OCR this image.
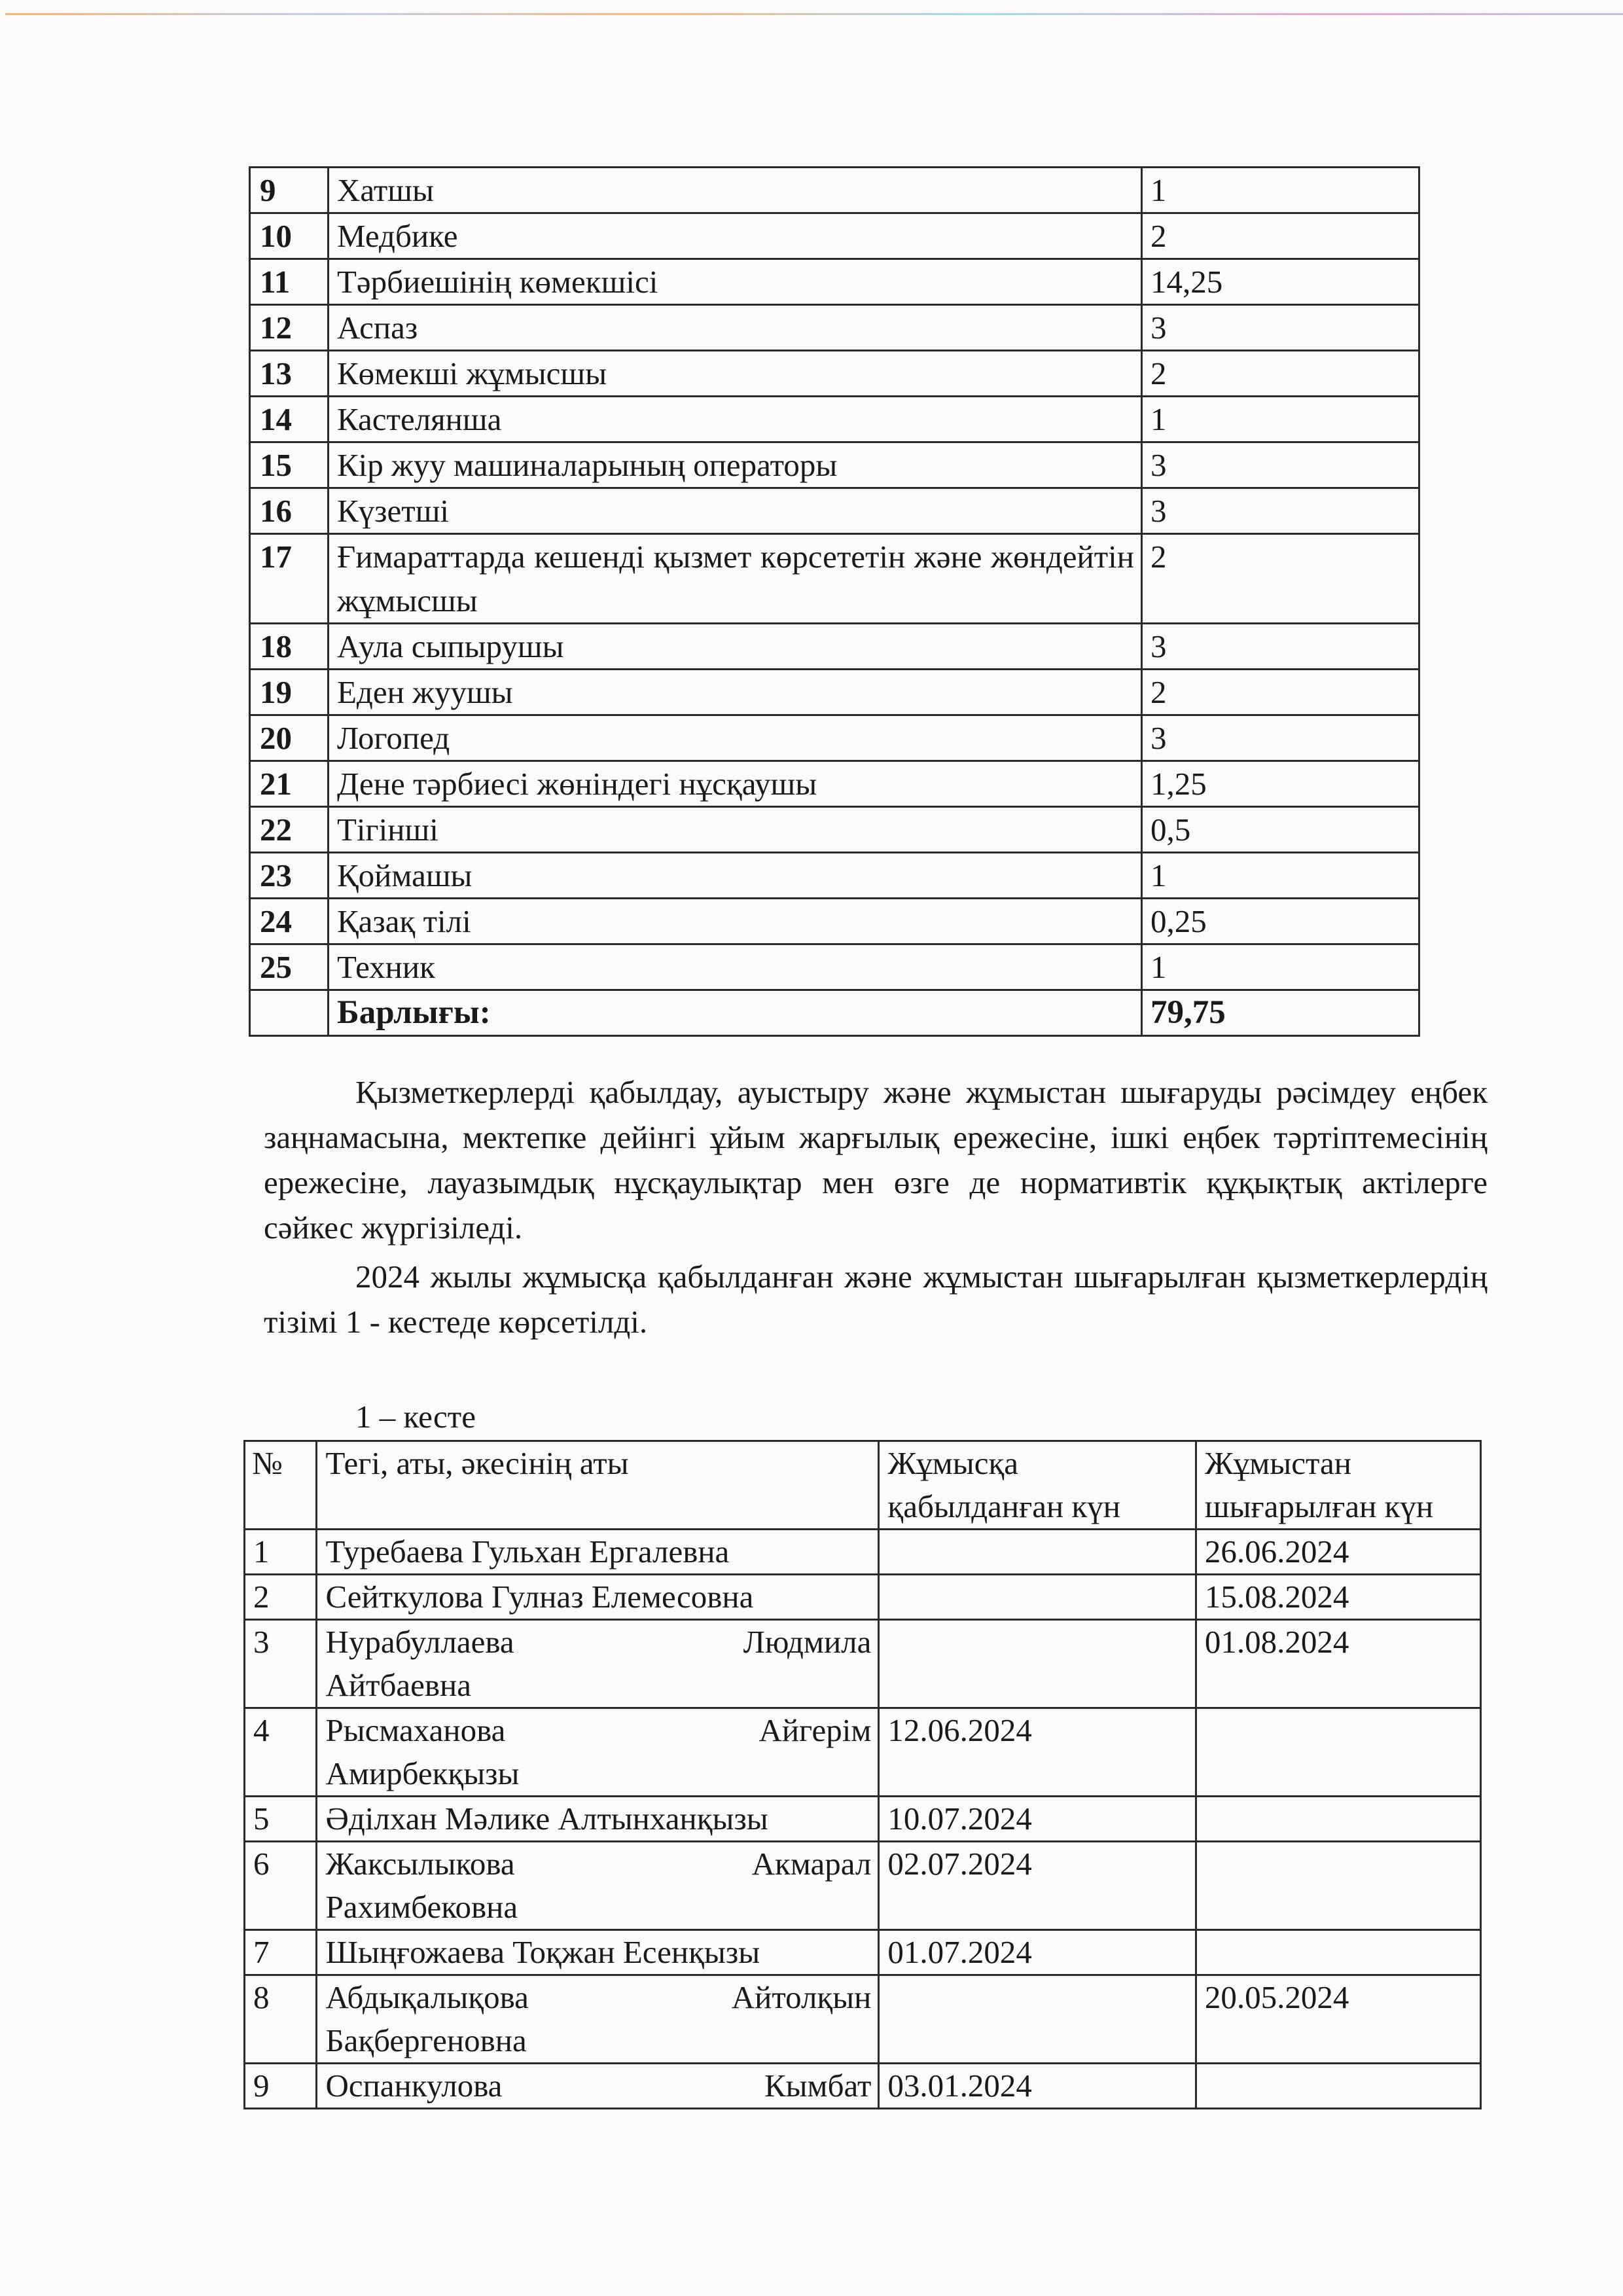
9	Хатшы	1
10	Медбике	2
11	Тәрбиешінің көмекшісі	14,25
12	Аспаз	3
13	Көмекші жұмысшы	2
14	Кастелянша	1
15	Кір жуу машиналарының операторы	3
16	Күзетші	3
17	Ғимараттарда кешенді қызмет көрсететін және жөндейтін жұмысшы	2
18	Аула сыпырушы	3
19	Еден жуушы	2
20	Логопед	3
21	Дене тәрбиесі жөніндегі нұсқаушы	1,25
22	Тігінші	0,5
23	Қоймашы	1
24	Қазақ тілі	0,25
25	Техник	1
	Барлығы:	79,75

Қызметкерлерді қабылдау, ауыстыру және жұмыстан шығаруды рәсімдеу еңбек заңнамасына, мектепке дейінгі ұйым жарғылық ережесіне, ішкі еңбек тәртіптемесінің ережесіне, лауазымдық нұсқаулықтар мен өзге де нормативтік құқықтық актілерге сәйкес жүргізіледі.

2024 жылы жұмысқа қабылданған және жұмыстан шығарылған қызметкерлердің тізімі 1 - кестеде көрсетілді.

1 – кесте

№	Тегі, аты, әкесінің аты	Жұмысқа қабылданған күн	Жұмыстан шығарылған күн
1	Туребаева Гульхан Ергалевна		26.06.2024
2	Сейткулова Гулназ Елемесовна		15.08.2024
3	Нурабуллаева Людмила
Айтбаевна		01.08.2024
4	Рысмаханова Айгерім
Амирбекқызы	12.06.2024	
5	Әділхан Мәлике Алтынханқызы	10.07.2024	
6	Жаксылыкова Акмарал
Рахимбековна	02.07.2024	
7	Шыңғожаева Тоқжан Есенқызы	01.07.2024	
8	Абдықалықова Айтолқын
Бақбергеновна		20.05.2024
9	Оспанкулова Кымбат	03.01.2024	
